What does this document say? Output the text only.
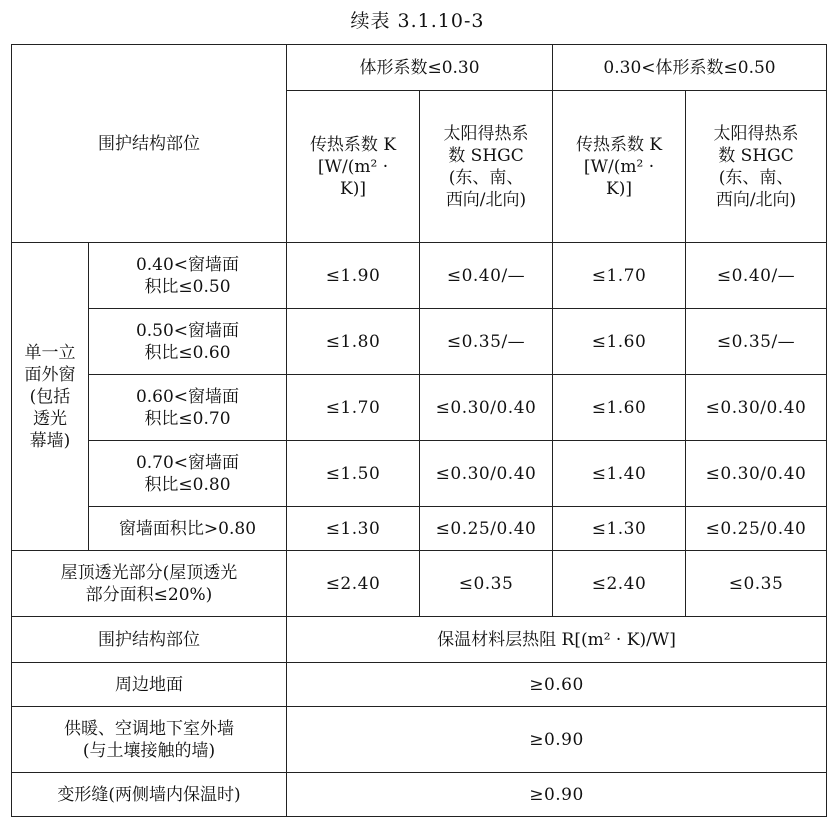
续表 3.1.10-3
围护结构部位		体形系数≤0.30		0.30<体形系数≤0.50	
		传热系数 K
[W/(m² ·
K)]	太阳得热系
数 SHGC
(东、南、
西向/北向)	传热系数 K
[W/(m² ·
K)]	太阳得热系
数 SHGC
(东、南、
西向/北向)
单一立
面外窗
(包括
透光
幕墙)	0.40<窗墙面
积比≤0.50	≤1.90	≤0.40/—	≤1.70	≤0.40/—
	0.50<窗墙面
积比≤0.60	≤1.80	≤0.35/—	≤1.60	≤0.35/—
	0.60<窗墙面
积比≤0.70	≤1.70	≤0.30/0.40	≤1.60	≤0.30/0.40
	0.70<窗墙面
积比≤0.80	≤1.50	≤0.30/0.40	≤1.40	≤0.30/0.40
	窗墙面积比>0.80	≤1.30	≤0.25/0.40	≤1.30	≤0.25/0.40
屋顶透光部分(屋顶透光
部分面积≤20%)		≤2.40	≤0.35	≤2.40	≤0.35
围护结构部位		保温材料层热阻 R[(m² · K)/W]			
周边地面		≥0.60			
供暖、空调地下室外墙
(与土壤接触的墙)		≥0.90			
变形缝(两侧墙内保温时)		≥0.90			
